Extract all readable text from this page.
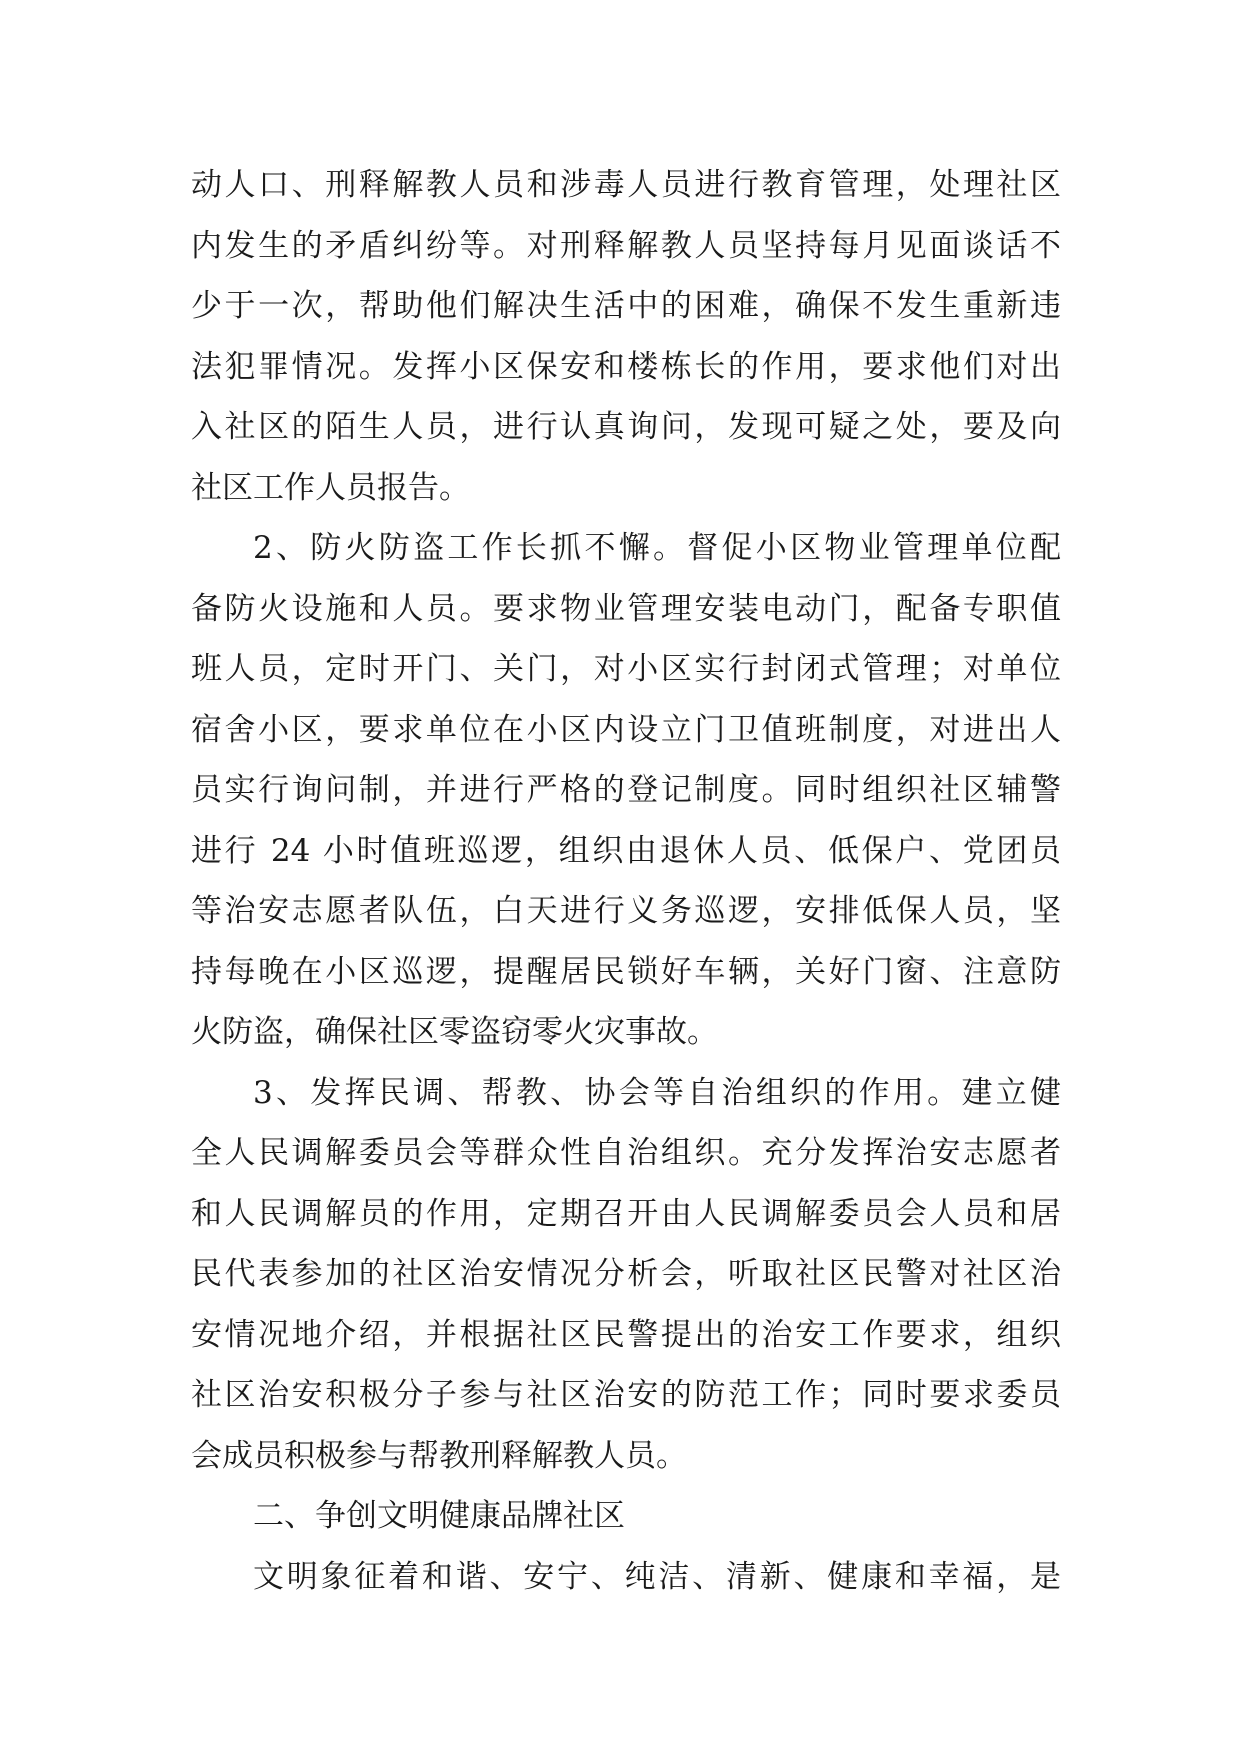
动人口、刑释解教人员和涉毒人员进行教育管理，处理社区
内发生的矛盾纠纷等。对刑释解教人员坚持每月见面谈话不
少于一次，帮助他们解决生活中的困难，确保不发生重新违
法犯罪情况。发挥小区保安和楼栋长的作用，要求他们对出
入社区的陌生人员，进行认真询问，发现可疑之处，要及向
社区工作人员报告。
2、防火防盗工作长抓不懈。督促小区物业管理单位配
备防火设施和人员。要求物业管理安装电动门，配备专职值
班人员，定时开门、关门，对小区实行封闭式管理；对单位
宿舍小区，要求单位在小区内设立门卫值班制度，对进出人
员实行询问制，并进行严格的登记制度。同时组织社区辅警
进行 24 小时值班巡逻，组织由退休人员、低保户、党团员
等治安志愿者队伍，白天进行义务巡逻，安排低保人员，坚
持每晚在小区巡逻，提醒居民锁好车辆，关好门窗、注意防
火防盗，确保社区零盗窃零火灾事故。
3、发挥民调、帮教、协会等自治组织的作用。建立健
全人民调解委员会等群众性自治组织。充分发挥治安志愿者
和人民调解员的作用，定期召开由人民调解委员会人员和居
民代表参加的社区治安情况分析会，听取社区民警对社区治
安情况地介绍，并根据社区民警提出的治安工作要求，组织
社区治安积极分子参与社区治安的防范工作；同时要求委员
会成员积极参与帮教刑释解教人员。
二、争创文明健康品牌社区
文明象征着和谐、安宁、纯洁、清新、健康和幸福，是
